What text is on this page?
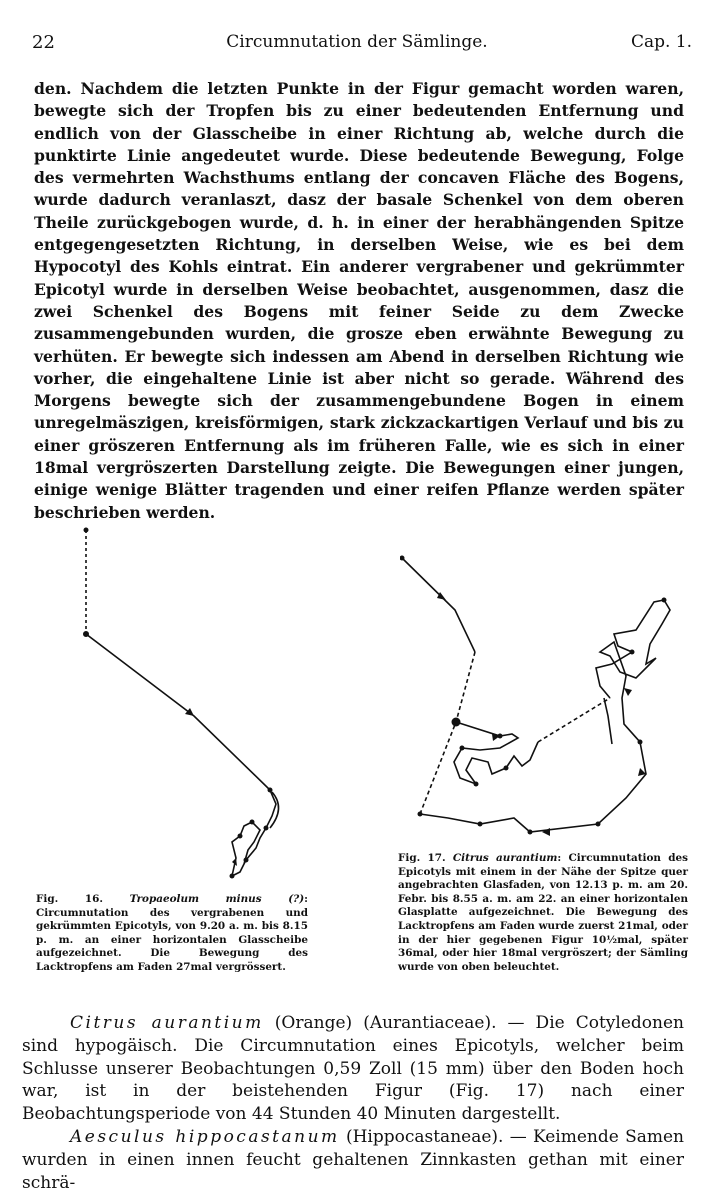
22	Circumnutation der Sämlinge.	Cap. 1.

den. Nachdem die letzten Punkte in der Figur gemacht worden waren, bewegte sich der Tropfen bis zu einer bedeutenden Entfernung und endlich von der Glasscheibe in einer Richtung ab, welche durch die punktirte Linie angedeutet wurde. Diese bedeutende Bewegung, Folge des vermehrten Wachsthums entlang der concaven Fläche des Bogens, wurde dadurch veranlaszt, dasz der basale Schenkel von dem oberen Theile zurückgebogen wurde, d. h. in einer der herabhängenden Spitze entgegengesetzten Richtung, in derselben Weise, wie es bei dem Hypocotyl des Kohls eintrat. Ein anderer vergrabener und gekrümmter Epicotyl wurde in derselben Weise beobachtet, ausgenommen, dasz die zwei Schenkel des Bogens mit feiner Seide zu dem Zwecke zusammengebunden wurden, die grosze eben erwähnte Bewegung zu verhüten. Er bewegte sich indessen am Abend in derselben Richtung wie vorher, die eingehaltene Linie ist aber nicht so gerade. Während des Morgens bewegte sich der zusammengebundene Bogen in einem unregelmäszigen, kreisförmigen, stark zickzackartigen Verlauf und bis zu einer gröszeren Entfernung als im früheren Falle, wie es sich in einer 18mal vergröszerten Darstellung zeigte. Die Bewegungen einer jungen, einige wenige Blätter tragenden und einer reifen Pflanze werden später beschrieben werden.

Fig. 16.	Tropaeolum minus (?): Circumnutation des vergrabenen und gekrümmten Epicotyls, von 9.20 a. m. bis 8.15 p. m. an einer horizontalen Glasscheibe aufgezeichnet. Die Bewegung des Lacktropfens am Faden 27mal vergrössert.
Fig. 17. Citrus aurantium: Circumnutation des Epicotyls mit einem in der Nähe der Spitze quer angebrachten Glasfaden, von 12.13 p. m. am 20. Febr. bis 8.55 a. m. am 22. an einer horizontalen Glasplatte aufgezeichnet. Die Bewegung des Lacktropfens am Faden wurde zuerst 21mal, oder in der hier gegebenen Figur 10½mal, später 36mal, oder hier 18mal vergröszert; der Sämling wurde von oben beleuchtet.

Citrus aurantium (Orange) (Aurantiaceae). — Die Cotyledonen sind hypogäisch. Die Circumnutation eines Epicotyls, welcher beim Schlusse unserer Beobachtungen 0,59 Zoll (15 mm) über den Boden hoch war, ist in der beistehenden Figur (Fig. 17) nach einer Beobachtungsperiode von 44 Stunden 40 Minuten dargestellt.

Aesculus hippocastanum (Hippocastaneae). — Keimende Samen wurden in einen innen feucht gehaltenen Zinnkasten gethan mit einer schrä-
